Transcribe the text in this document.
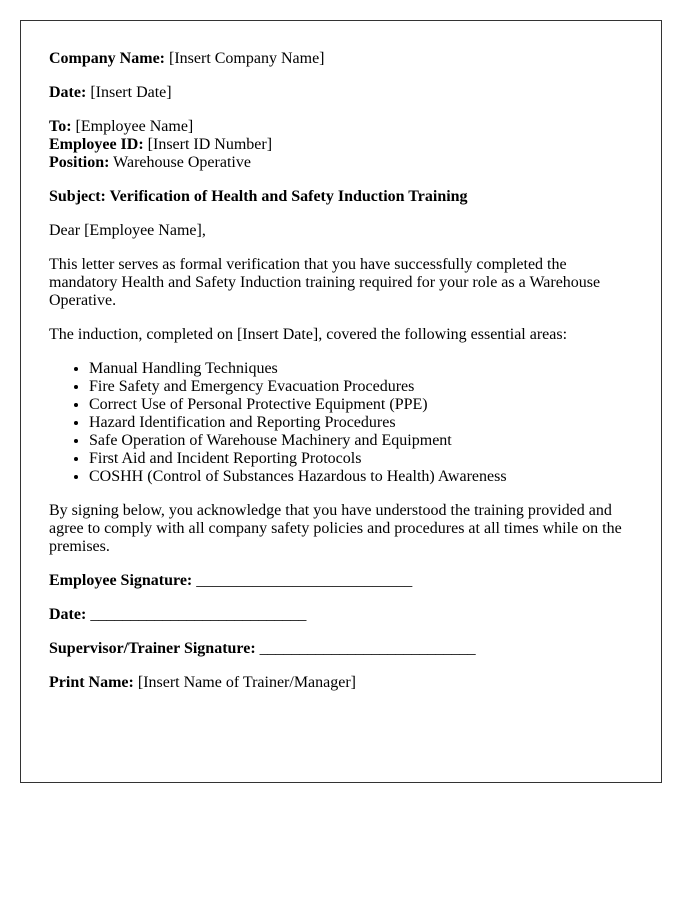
Company Name: [Insert Company Name]

Date: [Insert Date]

To: [Employee Name]
Employee ID: [Insert ID Number]
Position: Warehouse Operative

Subject: Verification of Health and Safety Induction Training

Dear [Employee Name],

This letter serves as formal verification that you have successfully completed the mandatory Health and Safety Induction training required for your role as a Warehouse Operative.

The induction, completed on [Insert Date], covered the following essential areas:

• Manual Handling Techniques
• Fire Safety and Emergency Evacuation Procedures
• Correct Use of Personal Protective Equipment (PPE)
• Hazard Identification and Reporting Procedures
• Safe Operation of Warehouse Machinery and Equipment
• First Aid and Incident Reporting Protocols
• COSHH (Control of Substances Hazardous to Health) Awareness

By signing below, you acknowledge that you have understood the training provided and agree to comply with all company safety policies and procedures at all times while on the premises.

Employee Signature: ___________________________

Date: ___________________________

Supervisor/Trainer Signature: ___________________________

Print Name: [Insert Name of Trainer/Manager]
